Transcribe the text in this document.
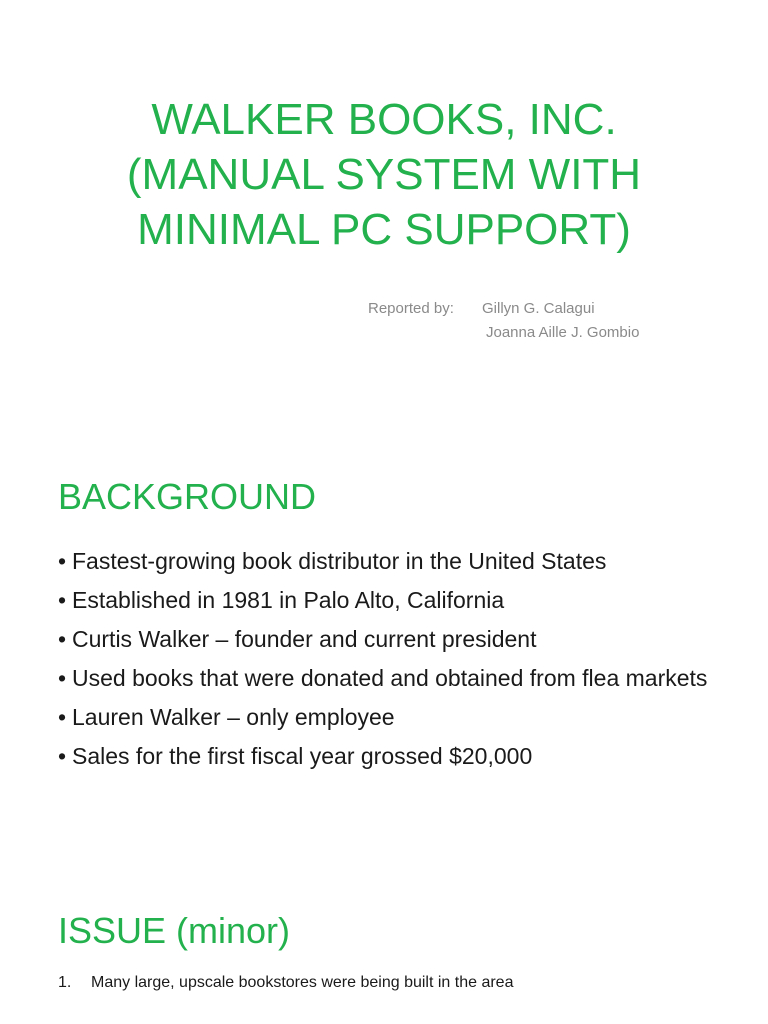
WALKER BOOKS, INC.
(MANUAL SYSTEM WITH
MINIMAL PC SUPPORT)
Reported by:	Gillyn G. Calagui
Joanna Aille J. Gombio
BACKGROUND
• Fastest-growing book distributor in the United States
• Established in 1981 in Palo Alto, California
• Curtis Walker – founder and current president
• Used books that were donated and obtained from flea markets
• Lauren Walker – only employee
• Sales for the first fiscal year grossed $20,000
ISSUE (minor)
1.	Many large, upscale bookstores were being built in the area
